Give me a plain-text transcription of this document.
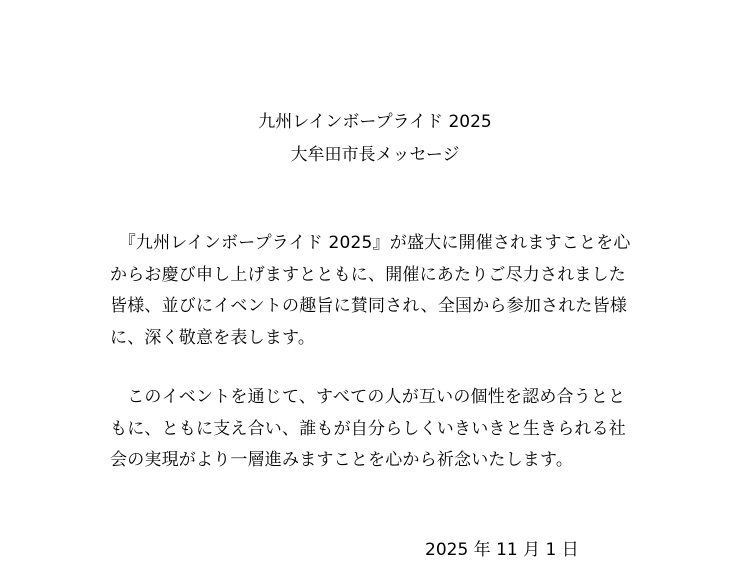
九州レインボープライド 2025
大牟田市長メッセージ

　『九州レインボープライド 2025』が盛大に開催されますことを心
からお慶び申し上げますとともに、開催にあたりご尽力されました
皆様、並びにイベントの趣旨に賛同され、全国から参加された皆様
に、深く敬意を表します。

　このイベントを通じて、すべての人が互いの個性を認め合うとと
もに、ともに支え合い、誰もが自分らしくいきいきと生きられる社
会の実現がより一層進みますことを心から祈念いたします。

2025 年 11 月 1 日
